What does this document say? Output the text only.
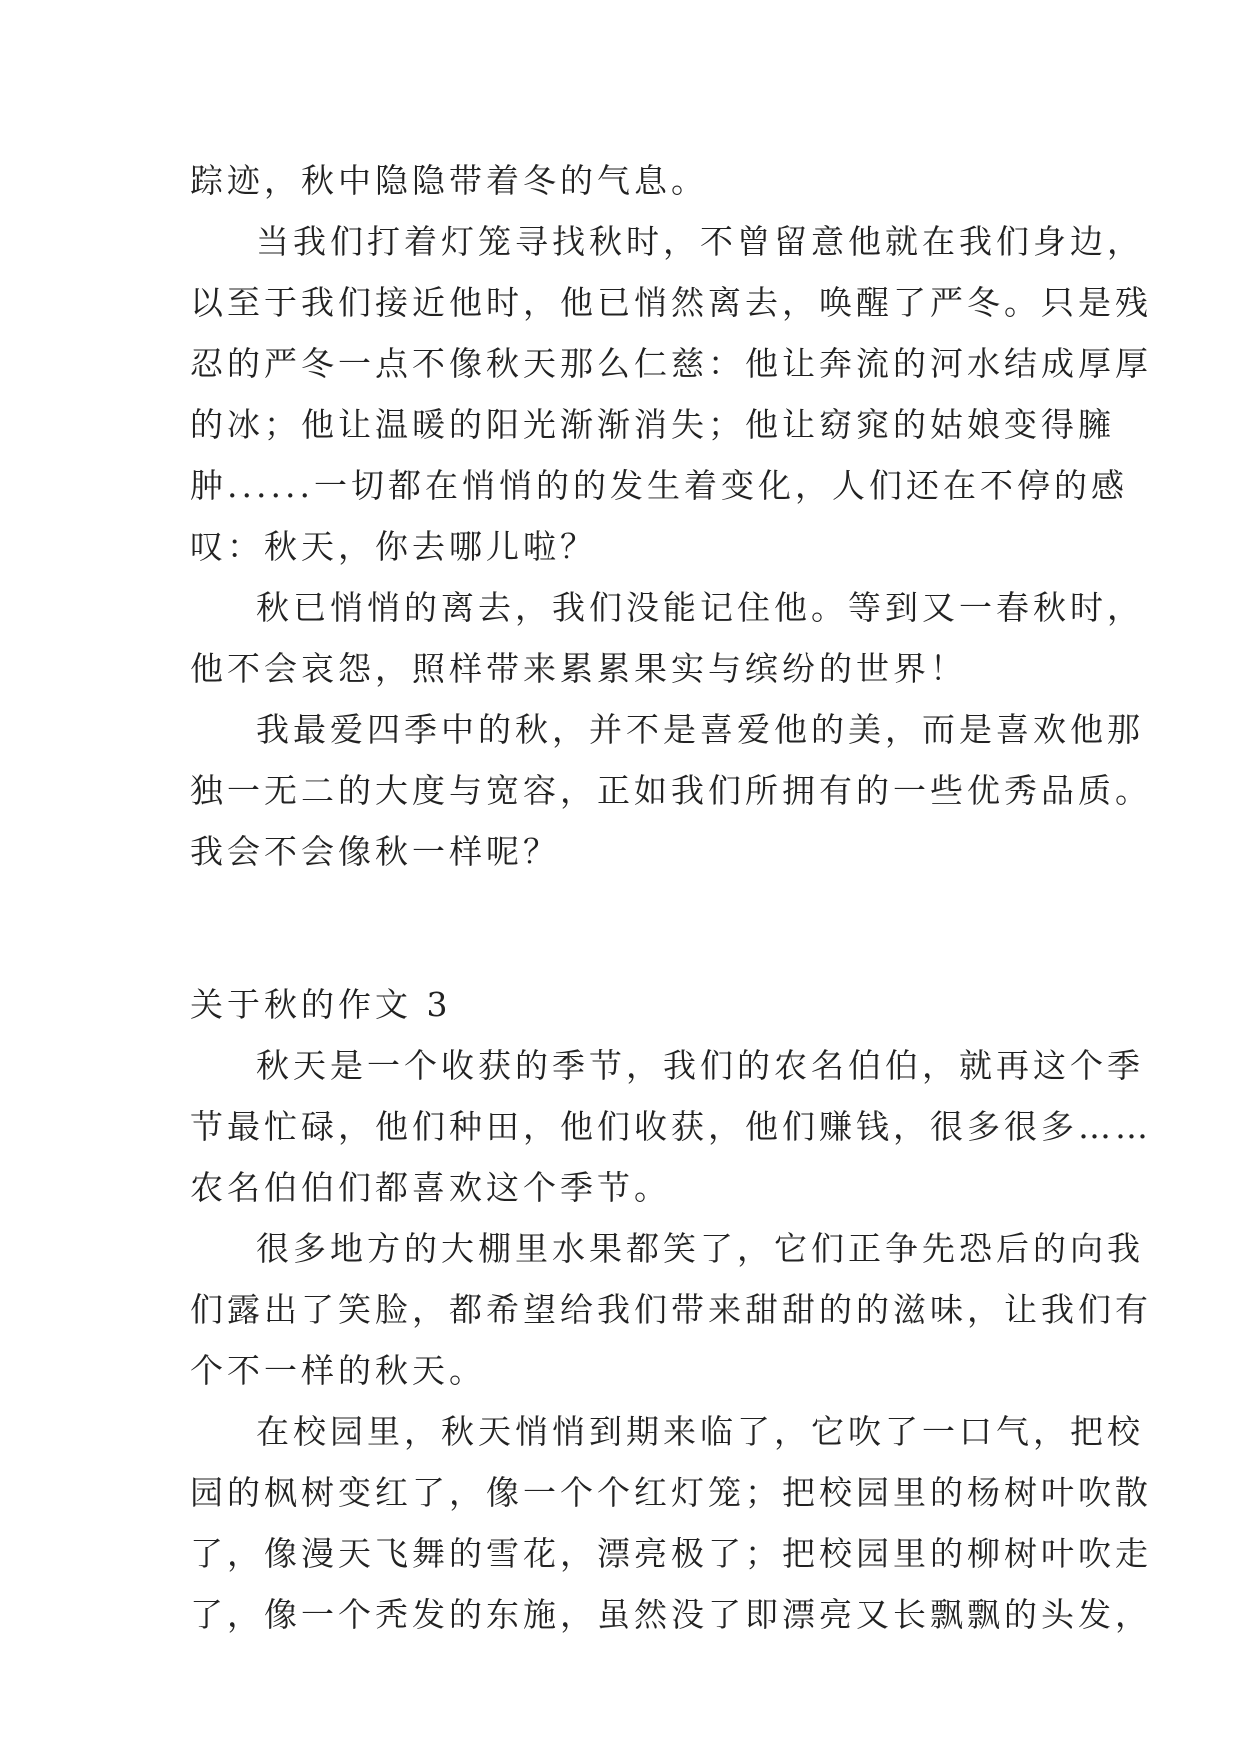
踪迹，秋中隐隐带着冬的气息。
当我们打着灯笼寻找秋时，不曾留意他就在我们身边，
以至于我们接近他时，他已悄然离去，唤醒了严冬。只是残
忍的严冬一点不像秋天那么仁慈：他让奔流的河水结成厚厚
的冰；他让温暖的阳光渐渐消失；他让窈窕的姑娘变得臃
肿......一切都在悄悄的的发生着变化，人们还在不停的感
叹：秋天，你去哪儿啦？
秋已悄悄的离去，我们没能记住他。等到又一春秋时，
他不会哀怨，照样带来累累果实与缤纷的世界！
我最爱四季中的秋，并不是喜爱他的美，而是喜欢他那
独一无二的大度与宽容，正如我们所拥有的一些优秀品质。
我会不会像秋一样呢？
关于秋的作文 3
秋天是一个收获的季节，我们的农名伯伯，就再这个季
节最忙碌，他们种田，他们收获，他们赚钱，很多很多……
农名伯伯们都喜欢这个季节。
很多地方的大棚里水果都笑了，它们正争先恐后的向我
们露出了笑脸，都希望给我们带来甜甜的的滋味，让我们有
个不一样的秋天。
在校园里，秋天悄悄到期来临了，它吹了一口气，把校
园的枫树变红了，像一个个红灯笼；把校园里的杨树叶吹散
了，像漫天飞舞的雪花，漂亮极了；把校园里的柳树叶吹走
了，像一个秃发的东施，虽然没了即漂亮又长飘飘的头发，
